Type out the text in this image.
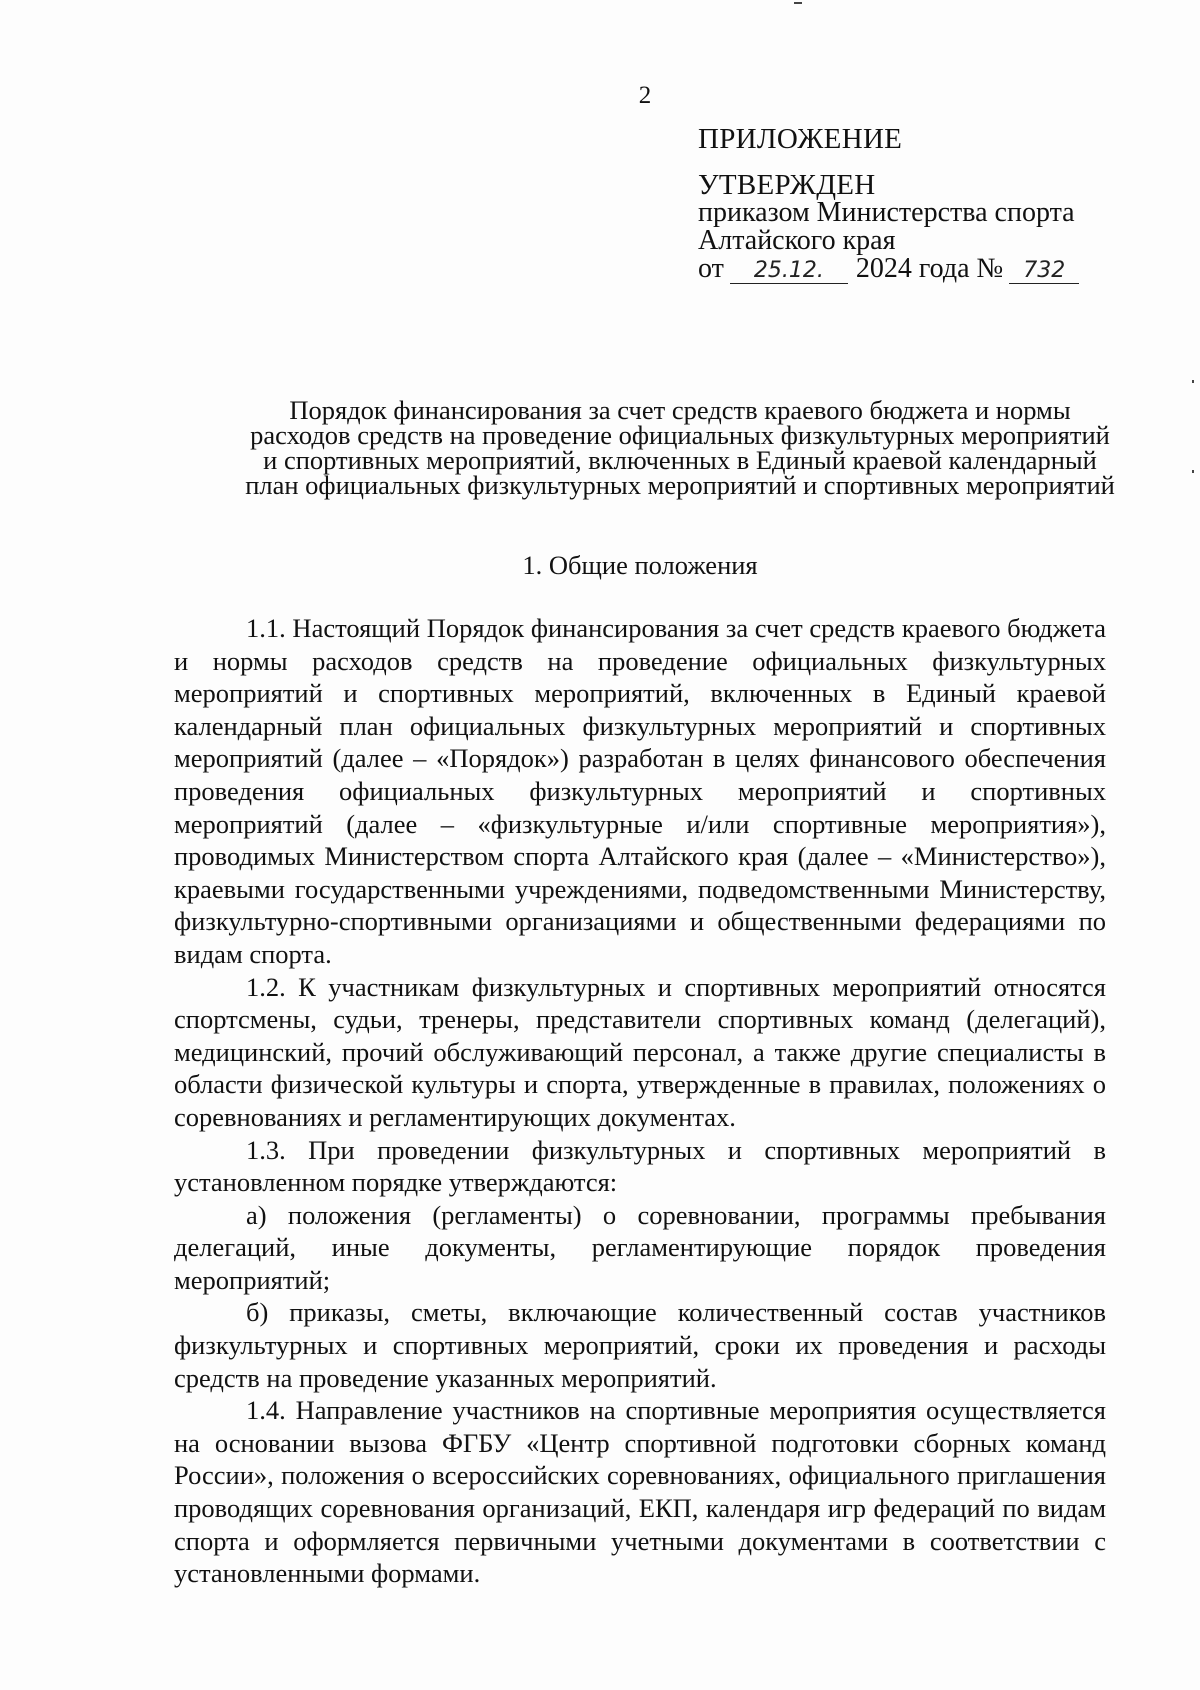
2
ПРИЛОЖЕНИЕ
УТВЕРЖДЕН
приказом Министерства спорта
Алтайского края
от 25.12. 2024 года № 732
Порядок финансирования за счет средств краевого бюджета и нормы расходов средств на проведение официальных физкультурных мероприятий и спортивных мероприятий, включенных в Единый краевой календарный план официальных физкультурных мероприятий и спортивных мероприятий
1. Общие положения

1.1. Настоящий Порядок финансирования за счет средств краевого бюджета и нормы расходов средств на проведение официальных физкультурных мероприятий и спортивных мероприятий, включенных в Единый краевой календарный план официальных физкультурных мероприятий и спортивных мероприятий (далее – «Порядок») разработан в целях финансового обеспечения проведения официальных физкультурных мероприятий и спортивных мероприятий (далее – «физкультурные и/или спортивные мероприятия»), проводимых Министерством спорта Алтайского края (далее – «Министерство»), краевыми государственными учреждениями, подведомственными Министерству, физкультурно-спортивными организациями и общественными федерациями по видам спорта.

1.2. К участникам физкультурных и спортивных мероприятий относятся спортсмены, судьи, тренеры, представители спортивных команд (делегаций), медицинский, прочий обслуживающий персонал, а также другие специалисты в области физической культуры и спорта, утвержденные в правилах, положениях о соревнованиях и регламентирующих документах.

1.3. При проведении физкультурных и спортивных мероприятий в установленном порядке утверждаются:

а) положения (регламенты) о соревновании, программы пребывания делегаций, иные документы, регламентирующие порядок проведения мероприятий;

б) приказы, сметы, включающие количественный состав участников физкультурных и спортивных мероприятий, сроки их проведения и расходы средств на проведение указанных мероприятий.

1.4. Направление участников на спортивные мероприятия осуществляется на основании вызова ФГБУ «Центр спортивной подготовки сборных команд России», положения о всероссийских соревнованиях, официального приглашения проводящих соревнования организаций, ЕКП, календаря игр федераций по видам спорта и оформляется первичными учетными документами в соответствии с установленными формами.
